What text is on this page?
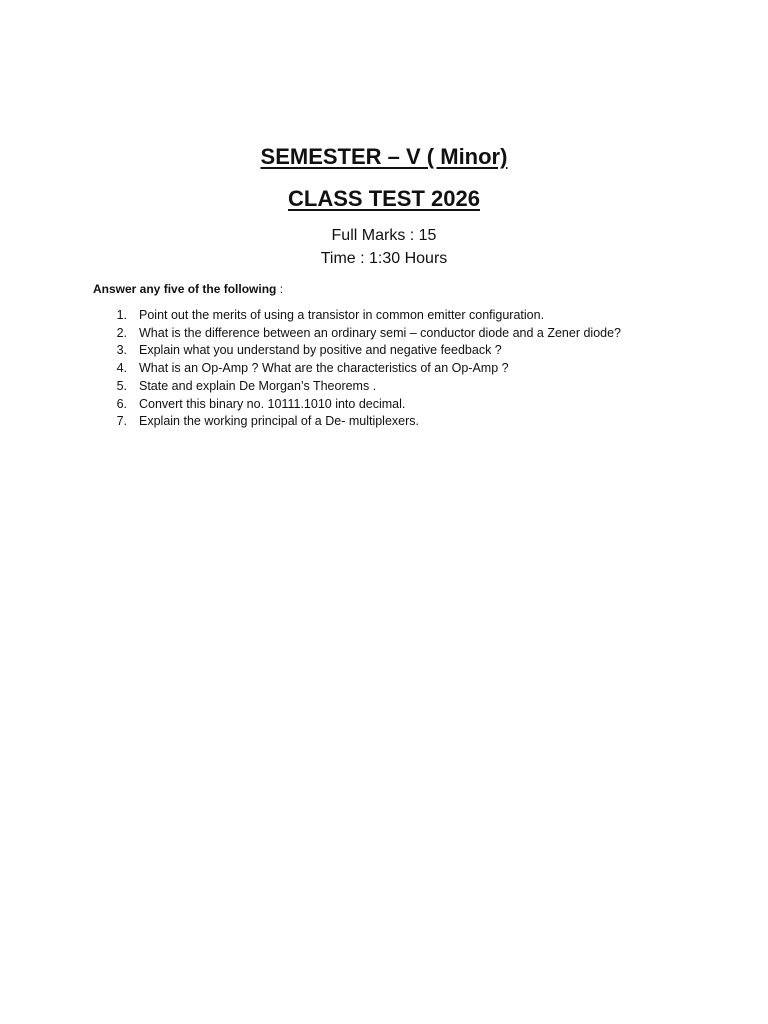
SEMESTER – V ( Minor)
CLASS TEST 2026

Full Marks : 15

Time : 1:30 Hours

Answer any five of the following :

1. Point out the merits of using a transistor in common emitter configuration.
2. What is the difference between an ordinary semi – conductor diode and a Zener diode?
3. Explain what you understand by positive and negative feedback ?
4. What is an Op-Amp ? What are the characteristics of an Op-Amp ?
5. State and explain De Morgan’s Theorems .
6. Convert this binary no. 10111.1010 into decimal.
7. Explain the working principal of a De- multiplexers.
